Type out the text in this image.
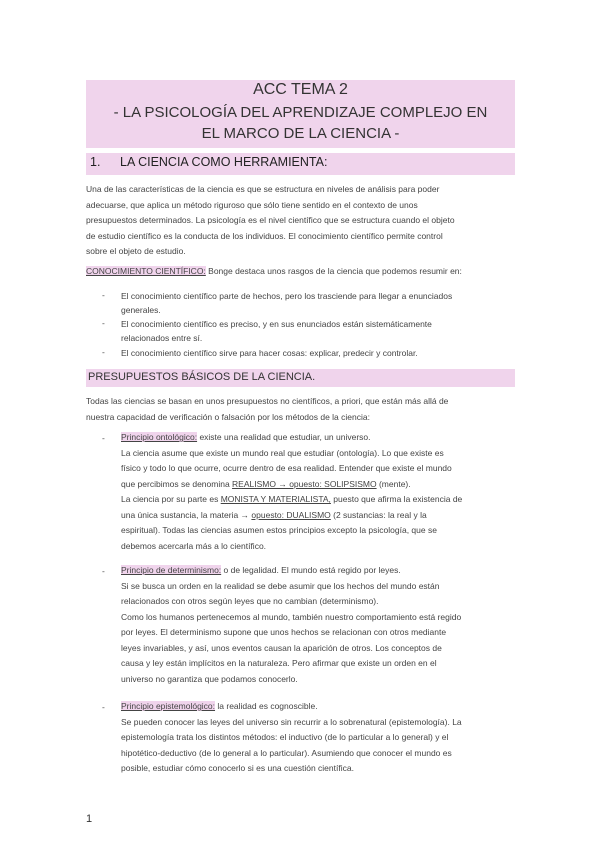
ACC TEMA 2
- LA PSICOLOGÍA DEL APRENDIZAJE COMPLEJO EN
EL MARCO DE LA CIENCIA -
1. LA CIENCIA COMO HERRAMIENTA:
Una de las características de la ciencia es que se estructura en niveles de análisis para poder
adecuarse, que aplica un método riguroso que sólo tiene sentido en el contexto de unos
presupuestos determinados. La psicología es el nivel científico que se estructura cuando el objeto
de estudio científico es la conducta de los individuos. El conocimiento científico permite control
sobre el objeto de estudio.
CONOCIMIENTO CIENTÍFICO: Bonge destaca unos rasgos de la ciencia que podemos resumir en:
- El conocimiento científico parte de hechos, pero los trasciende para llegar a enunciados
generales.
- El conocimiento científico es preciso, y en sus enunciados están sistemáticamente
relacionados entre sí.
- El conocimiento científico sirve para hacer cosas: explicar, predecir y controlar.
PRESUPUESTOS BÁSICOS DE LA CIENCIA.
Todas las ciencias se basan en unos presupuestos no científicos, a priori, que están más allá de
nuestra capacidad de verificación o falsación por los métodos de la ciencia:
- Principio ontológico: existe una realidad que estudiar, un universo.
La ciencia asume que existe un mundo real que estudiar (ontología). Lo que existe es
físico y todo lo que ocurre, ocurre dentro de esa realidad. Entender que existe el mundo
que percibimos se denomina REALISMO → opuesto: SOLIPSISMO (mente).
La ciencia por su parte es MONISTA Y MATERIALISTA, puesto que afirma la existencia de
una única sustancia, la materia → opuesto: DUALISMO (2 sustancias: la real y la
espiritual). Todas las ciencias asumen estos principios excepto la psicología, que se
debemos acercarla más a lo científico.
- Principio de determinismo: o de legalidad. El mundo está regido por leyes.
Si se busca un orden en la realidad se debe asumir que los hechos del mundo están
relacionados con otros según leyes que no cambian (determinismo).
Como los humanos pertenecemos al mundo, también nuestro comportamiento está regido
por leyes. El determinismo supone que unos hechos se relacionan con otros mediante
leyes invariables, y así, unos eventos causan la aparición de otros. Los conceptos de
causa y ley están implícitos en la naturaleza. Pero afirmar que existe un orden en el
universo no garantiza que podamos conocerlo.
- Principio epistemológico: la realidad es cognoscible.
Se pueden conocer las leyes del universo sin recurrir a lo sobrenatural (epistemología). La
epistemología trata los distintos métodos: el inductivo (de lo particular a lo general) y el
hipotético-deductivo (de lo general a lo particular). Asumiendo que conocer el mundo es
posible, estudiar cómo conocerlo si es una cuestión científica.
1
